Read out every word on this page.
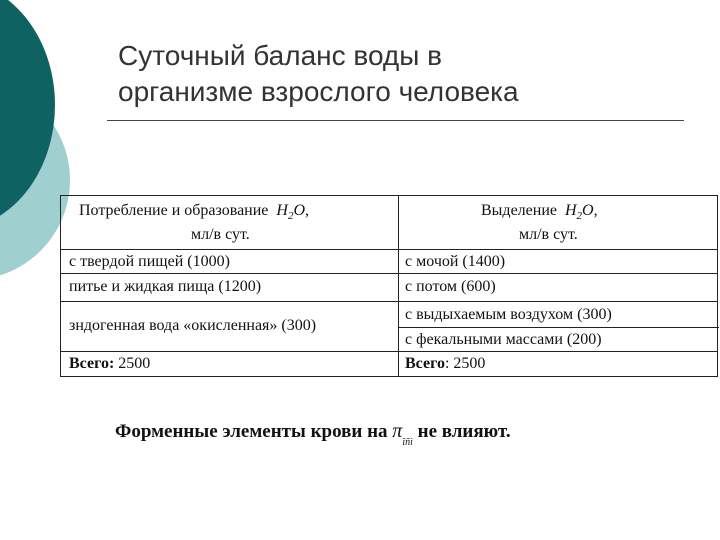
Суточный баланс воды в
организме взрослого человека
Потребление и образование $H_2O$,
мл/в сут.
Выделение $H_2O$,
мл/в сут.
с твердой пищей (1000)
питье и жидкая пища (1200)
зндогенная вода «окисленная» (300)
с мочой (1400)
с потом (600)
с выдыхаемым воздухом (300)
с фекальными массами (200)
Всего: 2500	Всего: 2500
Форменные элементы крови на $\pi_{îñì}$ не влияют.
